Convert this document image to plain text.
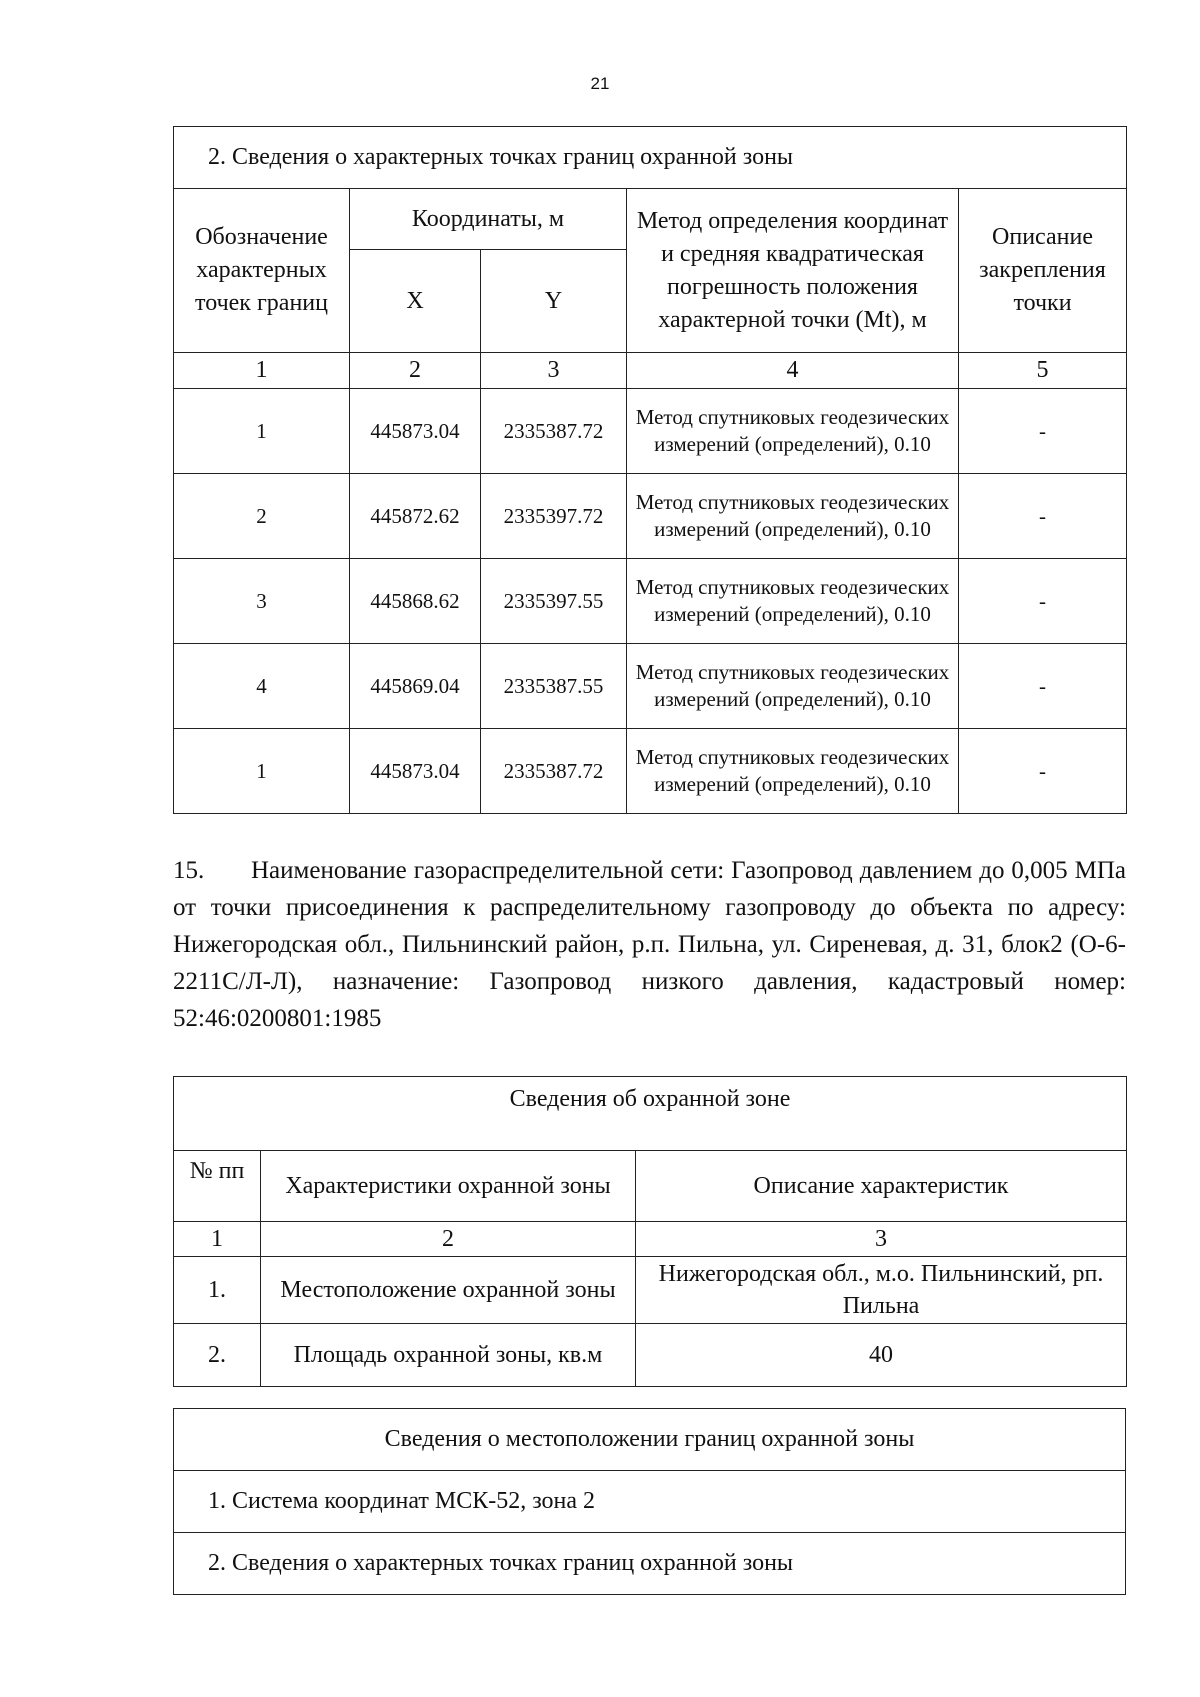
21
2. Сведения о характерных точках границ охранной зоны				
Обозначение характерных точек границ	Координаты, м		Метод определения координат и средняя квадратическая погрешность положения характерной точки (Mt), м	Описание закрепления точки
	X	Y		
1	2	3	4	5
1	445873.04	2335387.72	Метод спутниковых геодезических измерений (определений), 0.10	-
2	445872.62	2335397.72	Метод спутниковых геодезических измерений (определений), 0.10	-
3	445868.62	2335397.55	Метод спутниковых геодезических измерений (определений), 0.10	-
4	445869.04	2335387.55	Метод спутниковых геодезических измерений (определений), 0.10	-
1	445873.04	2335387.72	Метод спутниковых геодезических измерений (определений), 0.10	-

15. Наименование газораспределительной сети: Газопровод давлением до 0,005 МПа от точки присоединения к распределительному газопроводу до объекта по адресу: Нижегородская обл., Пильнинский район, р.п. Пильна, ул. Сиреневая, д. 31, блок2 (О-6-2211С/Л-Л), назначение: Газопровод низкого давления, кадастровый номер: 52:46:0200801:1985

Сведения об охранной зоне		
№ пп	Характеристики охранной зоны	Описание характеристик
1	2	3
1.	Местоположение охранной зоны	Нижегородская обл., м.о. Пильнинский, рп. Пильна
2.	Площадь охранной зоны, кв.м	40
Сведения о местоположении границ охранной зоны
1. Система координат МСК-52, зона 2
2. Сведения о характерных точках границ охранной зоны
